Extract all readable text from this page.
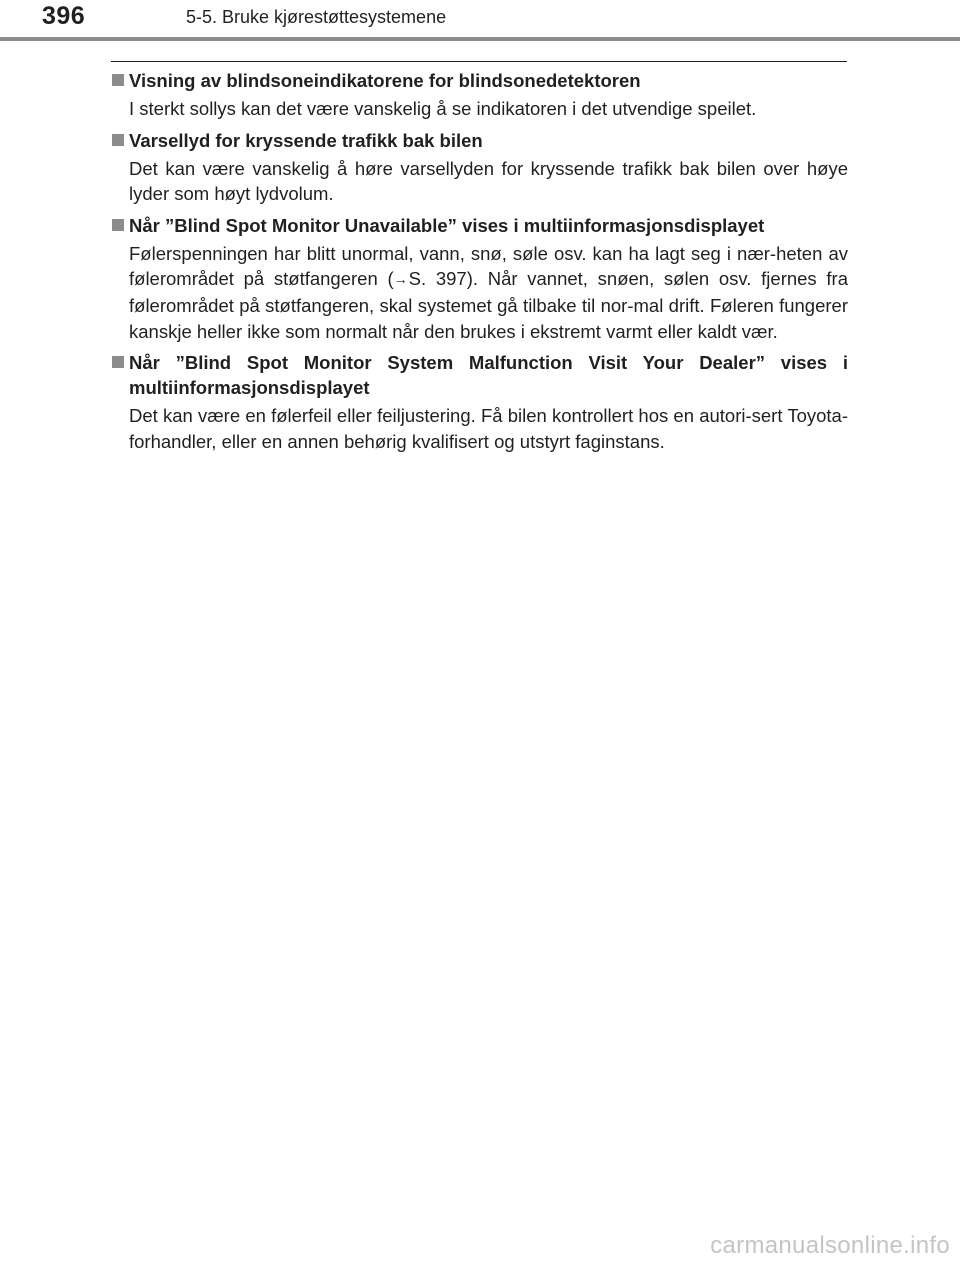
396	5-5. Bruke kjørestøttesystemene
Visning av blindsoneindikatorene for blindsonedetektoren
I sterkt sollys kan det være vanskelig å se indikatoren i det utvendige speilet.
Varsellyd for kryssende trafikk bak bilen
Det kan være vanskelig å høre varsellyden for kryssende trafikk bak bilen over høye lyder som høyt lydvolum.
Når ”Blind Spot Monitor Unavailable” vises i multiinformasjonsdisplayet
Følerspenningen har blitt unormal, vann, snø, søle osv. kan ha lagt seg i nær-heten av følerområdet på støtfangeren (→S. 397). Når vannet, snøen, sølen osv. fjernes fra følerområdet på støtfangeren, skal systemet gå tilbake til nor-mal drift. Føleren fungerer kanskje heller ikke som normalt når den brukes i ekstremt varmt eller kaldt vær.
Når ”Blind Spot Monitor System Malfunction Visit Your Dealer” vises i multiinformasjonsdisplayet
Det kan være en følerfeil eller feiljustering. Få bilen kontrollert hos en autori-sert Toyota-forhandler, eller en annen behørig kvalifisert og utstyrt faginstans.
carmanualsonline.info
